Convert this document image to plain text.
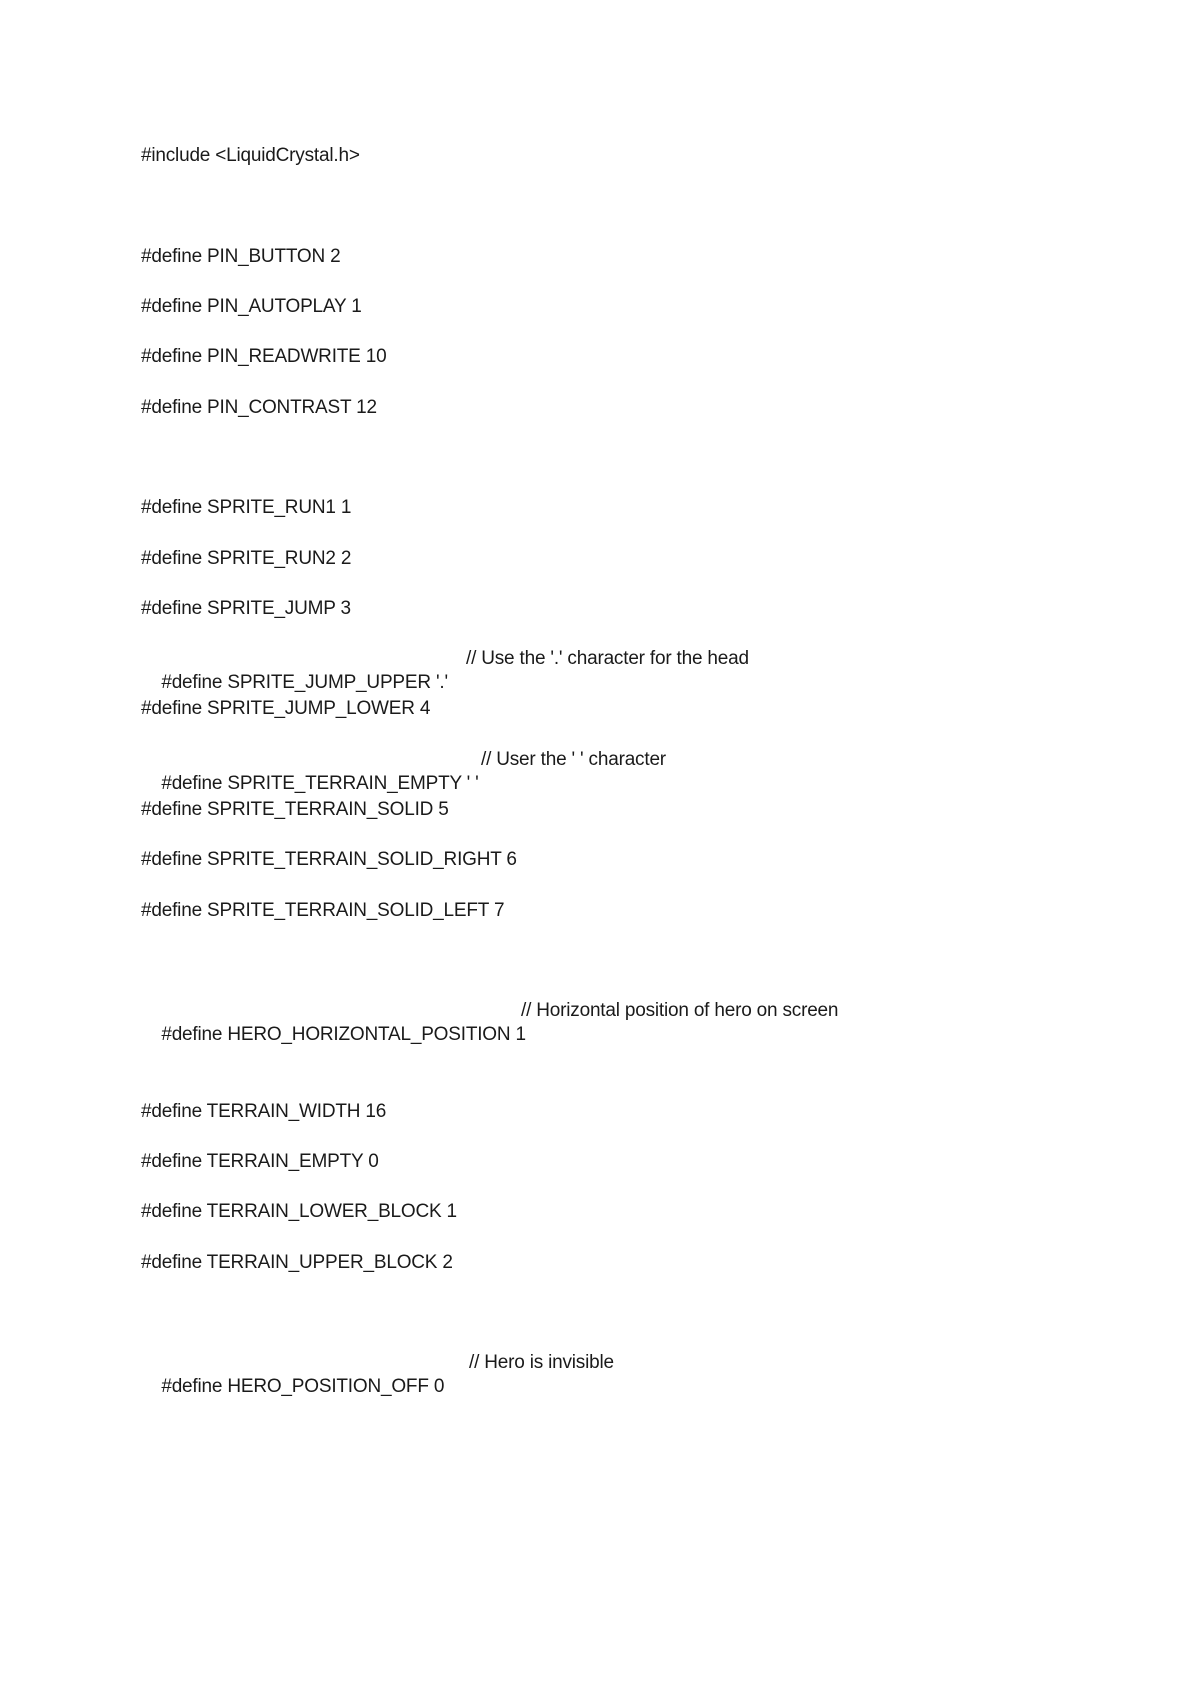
#include <LiquidCrystal.h>
#define PIN_BUTTON 2
#define PIN_AUTOPLAY 1
#define PIN_READWRITE 10
#define PIN_CONTRAST 12
#define SPRITE_RUN1 1
#define SPRITE_RUN2 2
#define SPRITE_JUMP 3

#define SPRITE_JUMP_UPPER '.'

// Use the '.' character for the head

#define SPRITE_JUMP_LOWER 4

#define SPRITE_TERRAIN_EMPTY ' '

// User the ' ' character

#define SPRITE_TERRAIN_SOLID 5
#define SPRITE_TERRAIN_SOLID_RIGHT 6
#define SPRITE_TERRAIN_SOLID_LEFT 7

#define HERO_HORIZONTAL_POSITION 1

// Horizontal position of hero on screen

#define TERRAIN_WIDTH 16
#define TERRAIN_EMPTY 0
#define TERRAIN_LOWER_BLOCK 1
#define TERRAIN_UPPER_BLOCK 2

#define HERO_POSITION_OFF 0

// Hero is invisible
